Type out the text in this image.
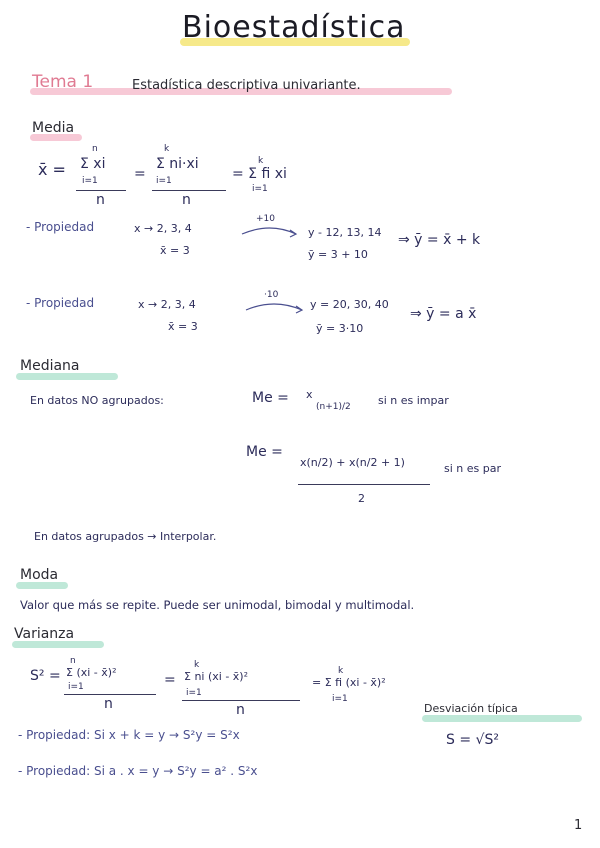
Bioestadística
Tema 1	Estadística descriptiva univariante.
Media
x̄ =
n
Σ xi
i=1
n
=
k
Σ ni·xi
i=1
n
k
= Σ fi xi
i=1
- Propiedad	x → 2, 3, 4
x̄ = 3
+10
y - 12, 13, 14
ȳ = 3 + 10
⇒ ȳ = x̄ + k
- Propiedad	x → 2, 3, 4
x̄ = 3
·10
y = 20, 30, 40
ȳ = 3·10
⇒ ȳ = a x̄
Mediana
En datos NO agrupados:	Me = x
(n+1)/2 si n es impar
Me =
x(n/2) + x(n/2 + 1)
2
si n es par
En datos agrupados → Interpolar.
Moda
Valor que más se repite. Puede ser unimodal, bimodal y multimodal.
Varianza
S² =
n
Σ (xi - x̄)²
i=1
n
=
k
Σ ni (xi - x̄)²
i=1
n
k
= Σ fi (xi - x̄)²
i=1
Desviación típica
S = √S²
- Propiedad: Si x + k = y → S²y = S²x
- Propiedad: Si a . x = y → S²y = a² . S²x
1
